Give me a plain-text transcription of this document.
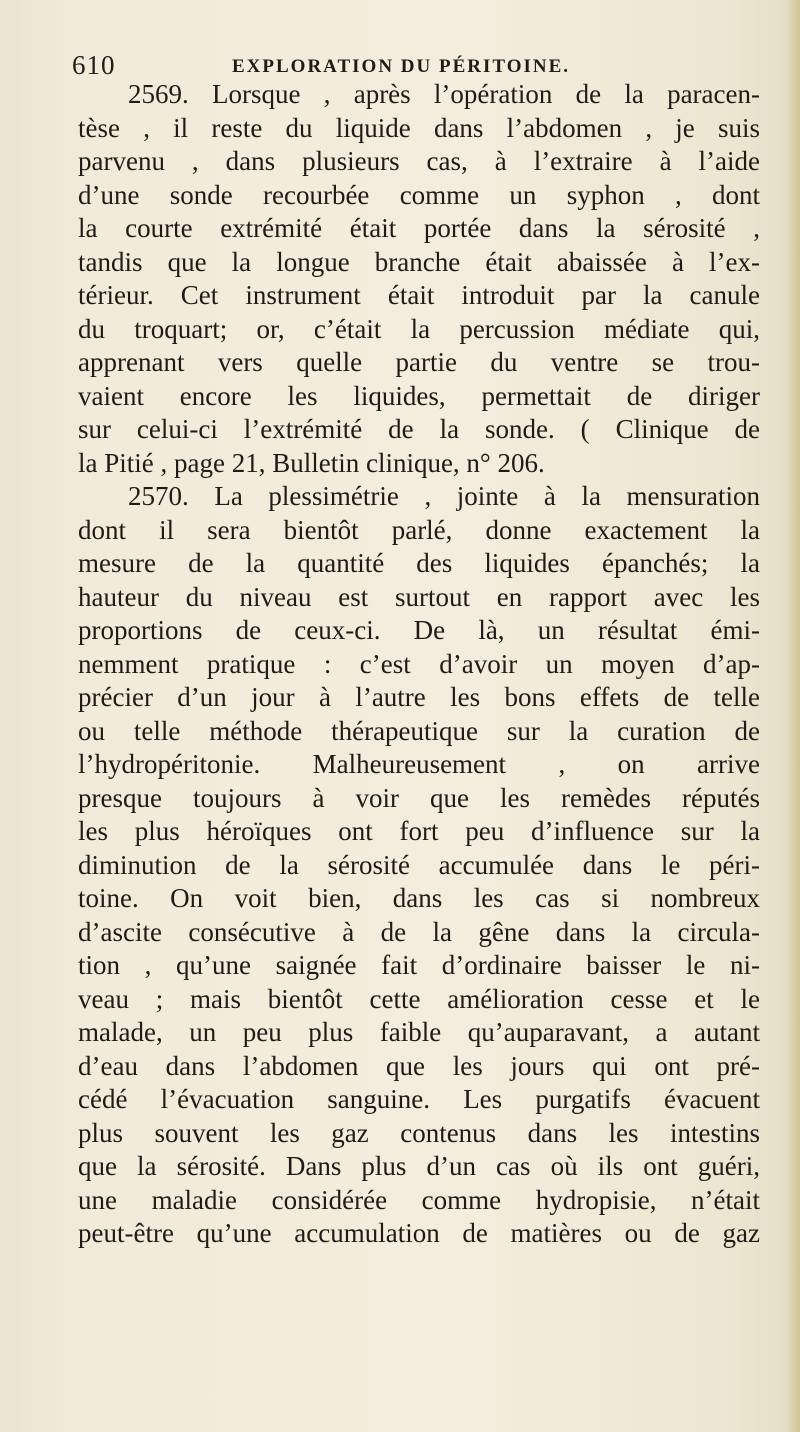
610	EXPLORATION DU PÉRITOINE.
2569. Lorsque , après l’opération de la paracen-
tèse , il reste du liquide dans l’abdomen , je suis
parvenu , dans plusieurs cas, à l’extraire à l’aide
d’une sonde recourbée comme un syphon , dont
la courte extrémité était portée dans la sérosité ,
tandis que la longue branche était abaissée à l’ex-
térieur. Cet instrument était introduit par la canule
du troquart; or, c’était la percussion médiate qui,
apprenant vers quelle partie du ventre se trou-
vaient encore les liquides, permettait de diriger
sur celui-ci l’extrémité de la sonde. ( Clinique de
la Pitié , page 21, Bulletin clinique, n° 206.
2570. La plessimétrie , jointe à la mensuration
dont il sera bientôt parlé, donne exactement la
mesure de la quantité des liquides épanchés; la
hauteur du niveau est surtout en rapport avec les
proportions de ceux-ci. De là, un résultat émi-
nemment pratique : c’est d’avoir un moyen d’ap-
précier d’un jour à l’autre les bons effets de telle
ou telle méthode thérapeutique sur la curation de
l’hydropéritonie. Malheureusement , on arrive
presque toujours à voir que les remèdes réputés
les plus héroïques ont fort peu d’influence sur la
diminution de la sérosité accumulée dans le péri-
toine. On voit bien, dans les cas si nombreux
d’ascite consécutive à de la gêne dans la circula-
tion , qu’une saignée fait d’ordinaire baisser le ni-
veau ; mais bientôt cette amélioration cesse et le
malade, un peu plus faible qu’auparavant, a autant
d’eau dans l’abdomen que les jours qui ont pré-
cédé l’évacuation sanguine. Les purgatifs évacuent
plus souvent les gaz contenus dans les intestins
que la sérosité. Dans plus d’un cas où ils ont guéri,
une maladie considérée comme hydropisie, n’était
peut-être qu’une accumulation de matières ou de gaz
